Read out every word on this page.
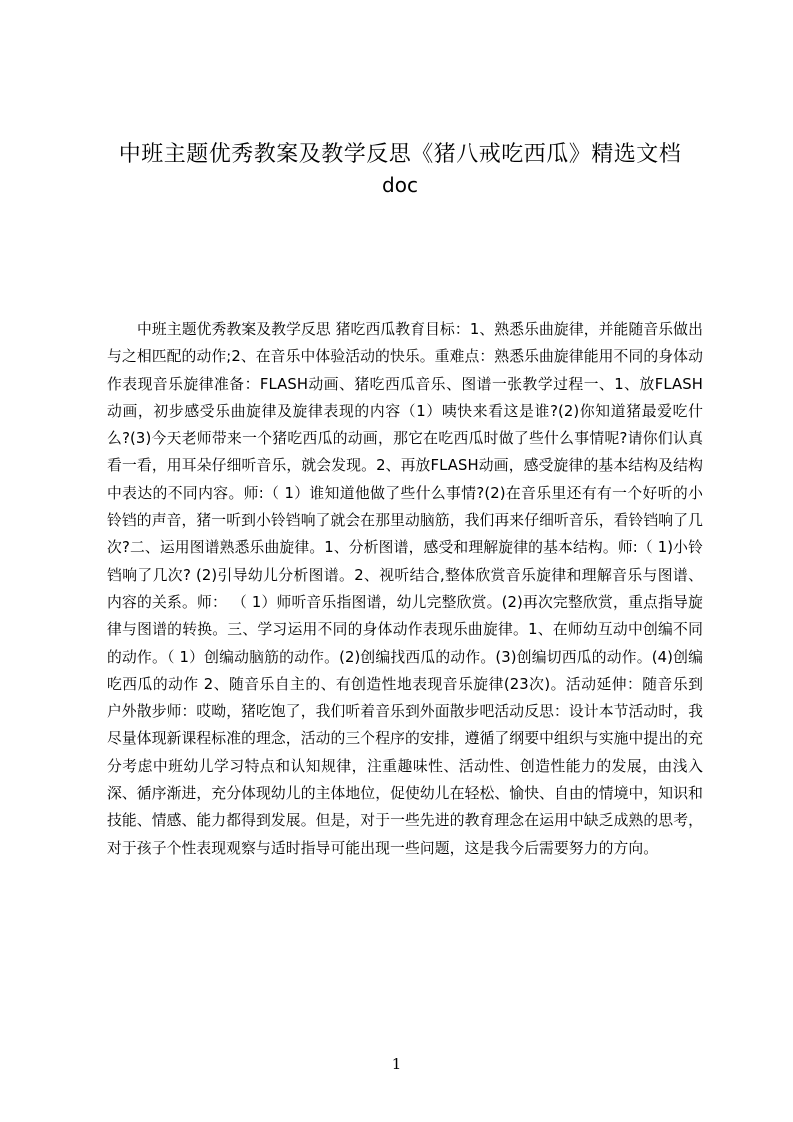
中班主题优秀教案及教学反思《猪八戒吃西瓜》精选文档
doc
中班主题优秀教案及教学反思 猪吃西瓜教育目标：1、熟悉乐曲旋律，并能随音乐做出与之相匹配的动作;2、在音乐中体验活动的快乐。重难点：熟悉乐曲旋律能用不同的身体动作表现音乐旋律准备：FLASH动画、猪吃西瓜音乐、图谱一张教学过程一、1、放FLASH动画，初步感受乐曲旋律及旋律表现的内容（1）咦快来看这是谁?(2)你知道猪最爱吃什么?(3)今天老师带来一个猪吃西瓜的动画，那它在吃西瓜时做了些什么事情呢?请你们认真看一看，用耳朵仔细听音乐，就会发现。2、再放FLASH动画，感受旋律的基本结构及结构中表达的不同内容。师:（ 1）谁知道他做了些什么事情?(2)在音乐里还有有一个好听的小铃铛的声音，猪一听到小铃铛响了就会在那里动脑筋，我们再来仔细听音乐，看铃铛响了几次?二、运用图谱熟悉乐曲旋律。1、分析图谱，感受和理解旋律的基本结构。师:（ 1)小铃铛响了几次? (2)引导幼儿分析图谱。2、视听结合,整体欣赏音乐旋律和理解音乐与图谱、内容的关系。师： （ 1）师听音乐指图谱，幼儿完整欣赏。(2)再次完整欣赏，重点指导旋律与图谱的转换。三、学习运用不同的身体动作表现乐曲旋律。1、在师幼互动中创编不同的动作。（ 1）创编动脑筋的动作。(2)创编找西瓜的动作。(3)创编切西瓜的动作。(4)创编吃西瓜的动作 2、随音乐自主的、有创造性地表现音乐旋律(23次)。活动延伸：随音乐到户外散步师：哎呦，猪吃饱了，我们听着音乐到外面散步吧活动反思：设计本节活动时，我尽量体现新课程标准的理念，活动的三个程序的安排，遵循了纲要中组织与实施中提出的充分考虑中班幼儿学习特点和认知规律，注重趣味性、活动性、创造性能力的发展，由浅入深、循序渐进，充分体现幼儿的主体地位，促使幼儿在轻松、愉快、自由的情境中，知识和技能、情感、能力都得到发展。但是，对于一些先进的教育理念在运用中缺乏成熟的思考，对于孩子个性表现观察与适时指导可能出现一些问题，这是我今后需要努力的方向。
1
